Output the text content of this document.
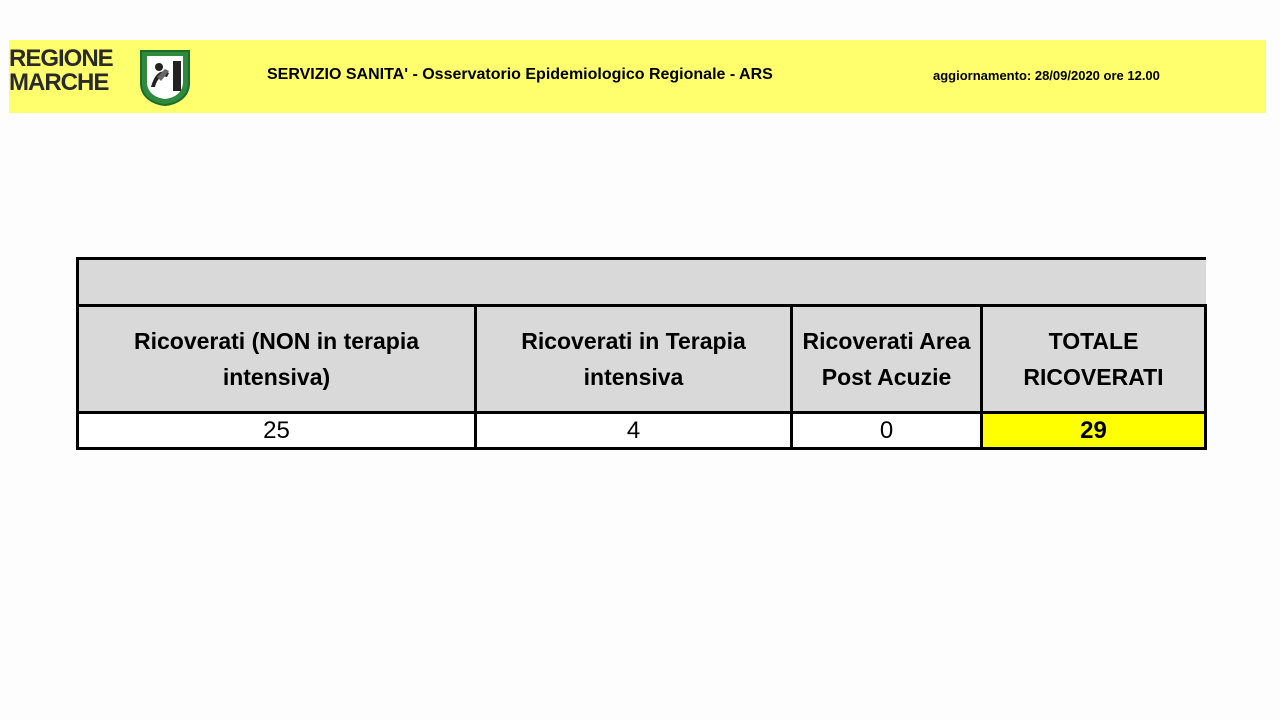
REGIONE
MARCHE	SERVIZIO SANITA' - Osservatorio Epidemiologico Regionale - ARS	aggiornamento: 28/09/2020 ore 12.00

Ricoverati (NON in terapia intensiva)	Ricoverati in Terapia intensiva	Ricoverati Area Post Acuzie	TOTALE RICOVERATI
25	4	0	29
